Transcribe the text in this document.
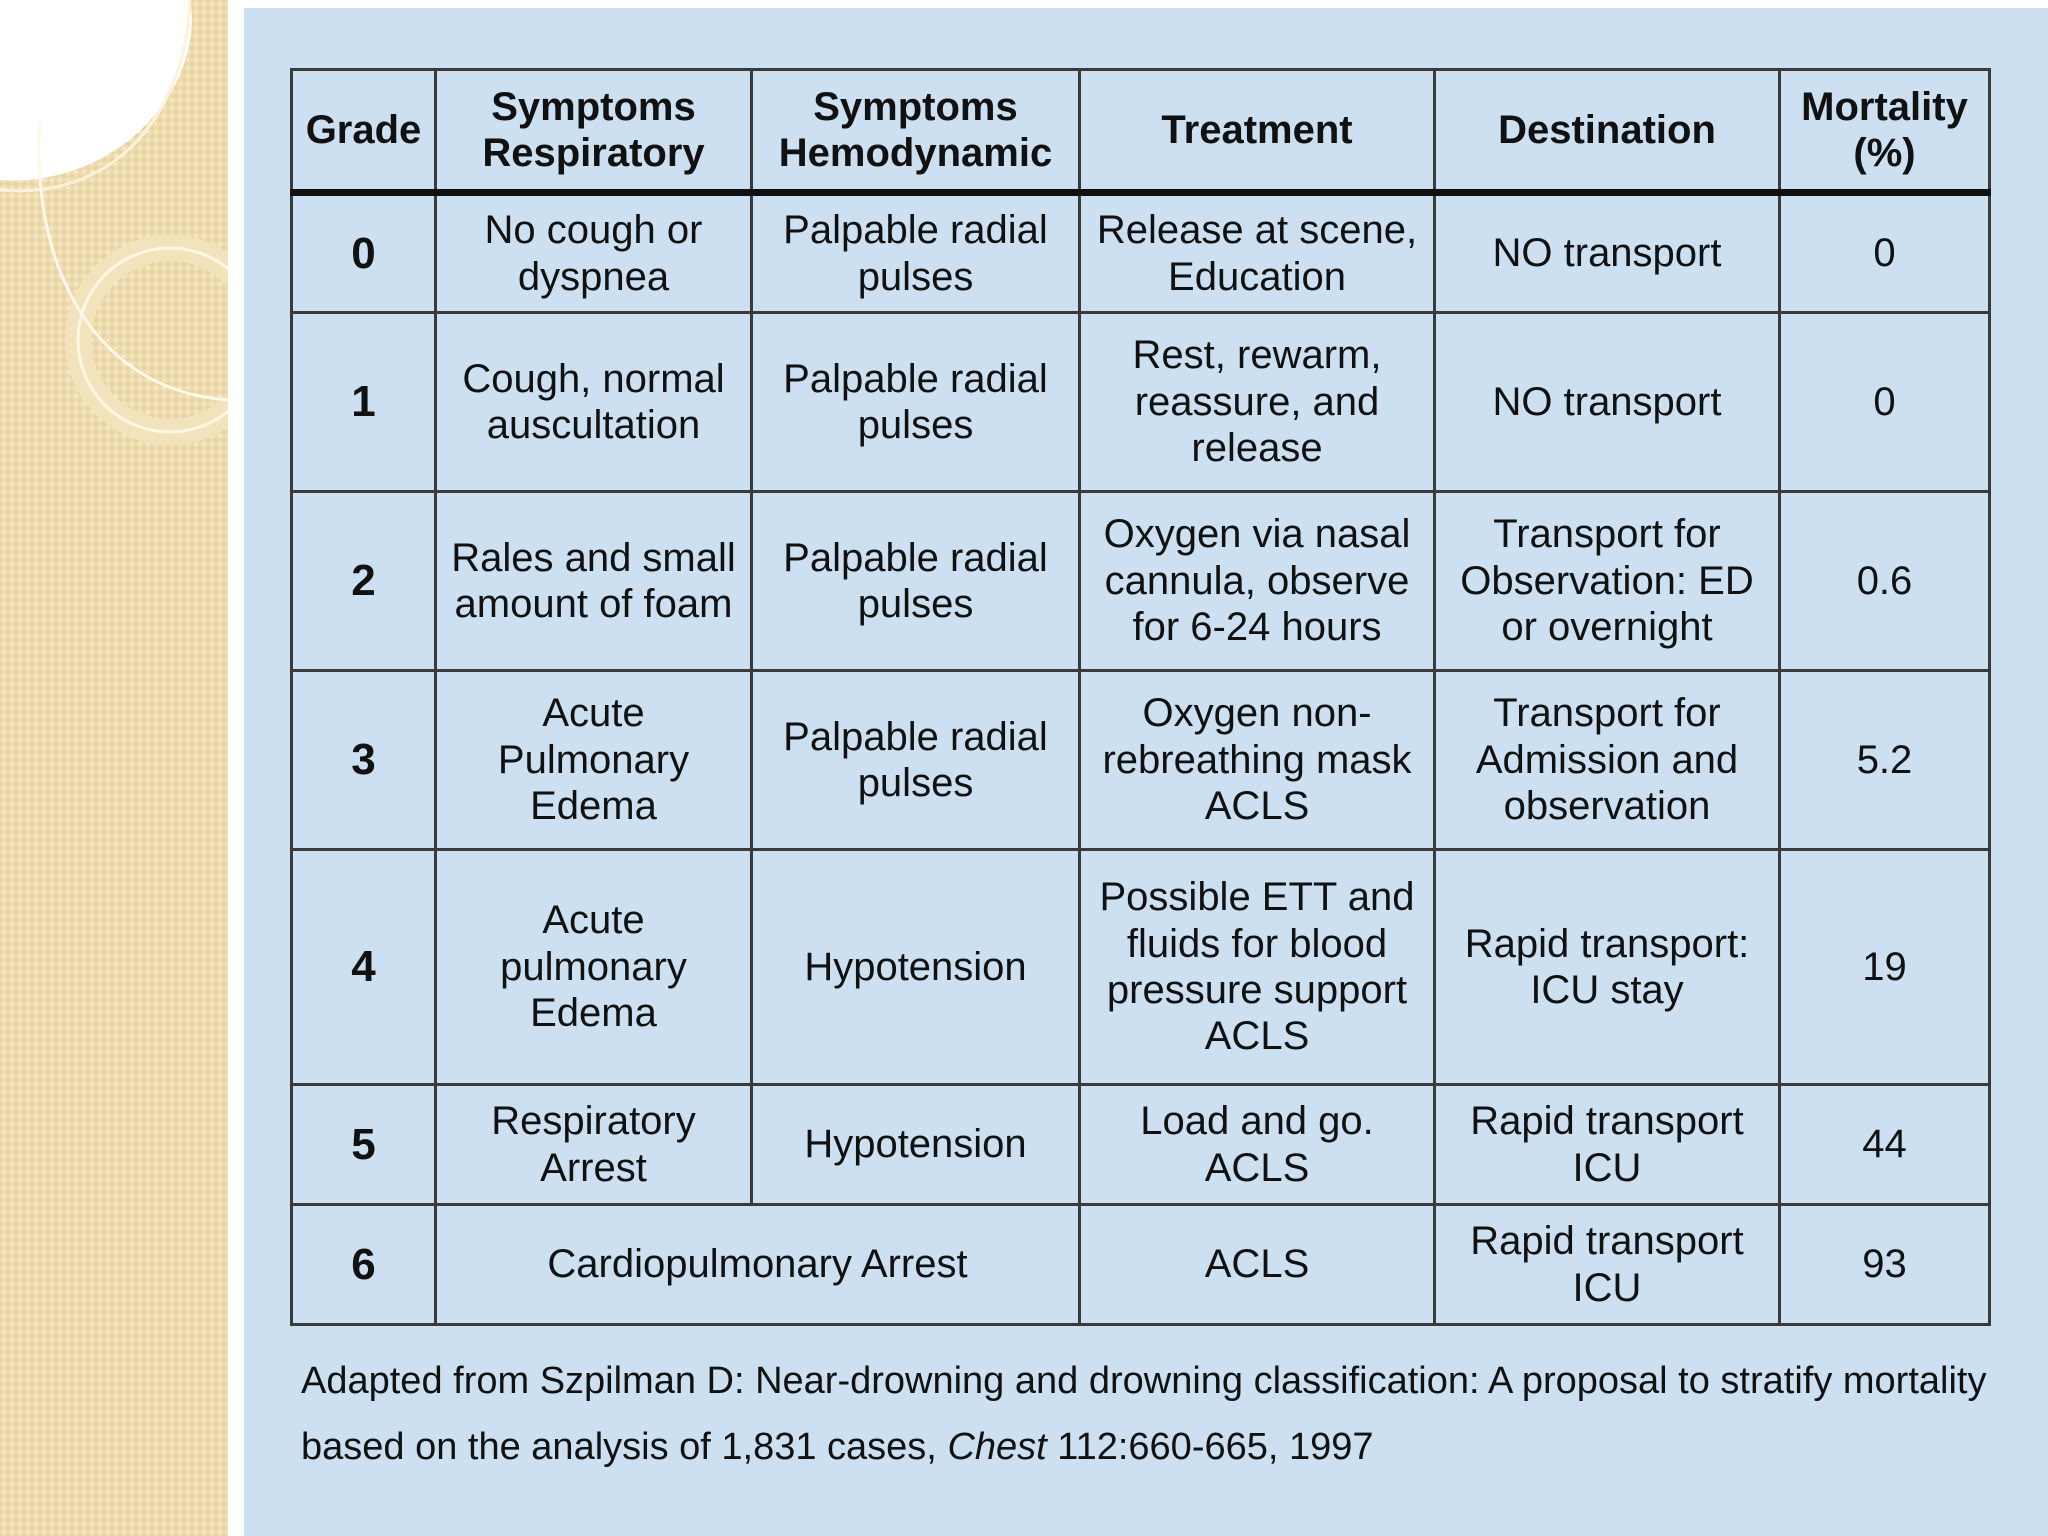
Grade	Symptoms Respiratory	Symptoms Hemodynamic	Treatment	Destination	Mortality (%)
0	No cough or dyspnea	Palpable radial pulses	Release at scene, Education	NO transport	0
1	Cough, normal auscultation	Palpable radial pulses	Rest, rewarm, reassure, and release	NO transport	0
2	Rales and small amount of foam	Palpable radial pulses	Oxygen via nasal cannula, observe for 6-24 hours	Transport for Observation: ED or overnight	0.6
3	Acute Pulmonary Edema	Palpable radial pulses	Oxygen non-rebreathing mask ACLS	Transport for Admission and observation	5.2
4	Acute pulmonary Edema	Hypotension	Possible ETT and fluids for blood pressure support ACLS	Rapid transport: ICU stay	19
5	Respiratory Arrest	Hypotension	Load and go. ACLS	Rapid transport ICU	44
6	Cardiopulmonary Arrest		ACLS	Rapid transport ICU	93
Adapted from Szpilman D: Near-drowning and drowning classification: A proposal to stratify mortality based on the analysis of 1,831 cases, Chest 112:660-665, 1997
